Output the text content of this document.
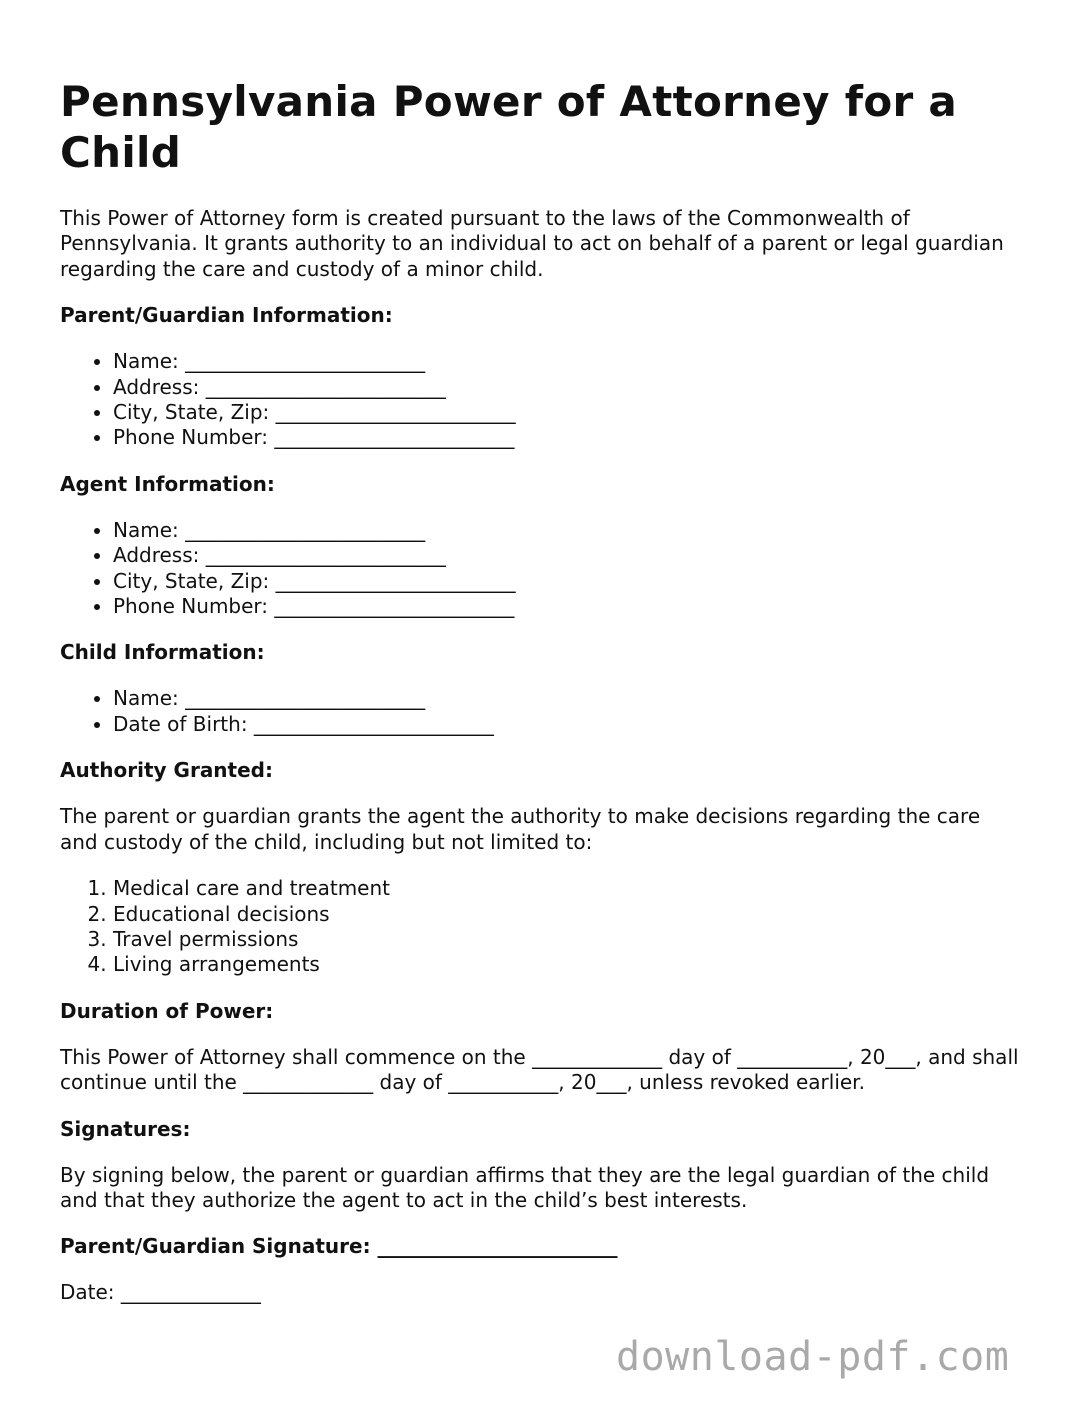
Pennsylvania Power of Attorney for a Child

This Power of Attorney form is created pursuant to the laws of the Commonwealth of Pennsylvania. It grants authority to an individual to act on behalf of a parent or legal guardian regarding the care and custody of a minor child.

Parent/Guardian Information:
• Name: ________________________
• Address: ________________________
• City, State, Zip: ________________________
• Phone Number: ________________________
Agent Information:
• Name: ________________________
• Address: ________________________
• City, State, Zip: ________________________
• Phone Number: ________________________
Child Information:
• Name: ________________________
• Date of Birth: ________________________
Authority Granted:

The parent or guardian grants the agent the authority to make decisions regarding the care and custody of the child, including but not limited to:

1. Medical care and treatment
2. Educational decisions
3. Travel permissions
4. Living arrangements
Duration of Power:

This Power of Attorney shall commence on the _____________ day of ___________, 20___, and shall continue until the _____________ day of ___________, 20___, unless revoked earlier.

Signatures:

By signing below, the parent or guardian affirms that they are the legal guardian of the child and that they authorize the agent to act in the child’s best interests.

Parent/Guardian Signature: ________________________

Date: ______________

download-pdf.com
